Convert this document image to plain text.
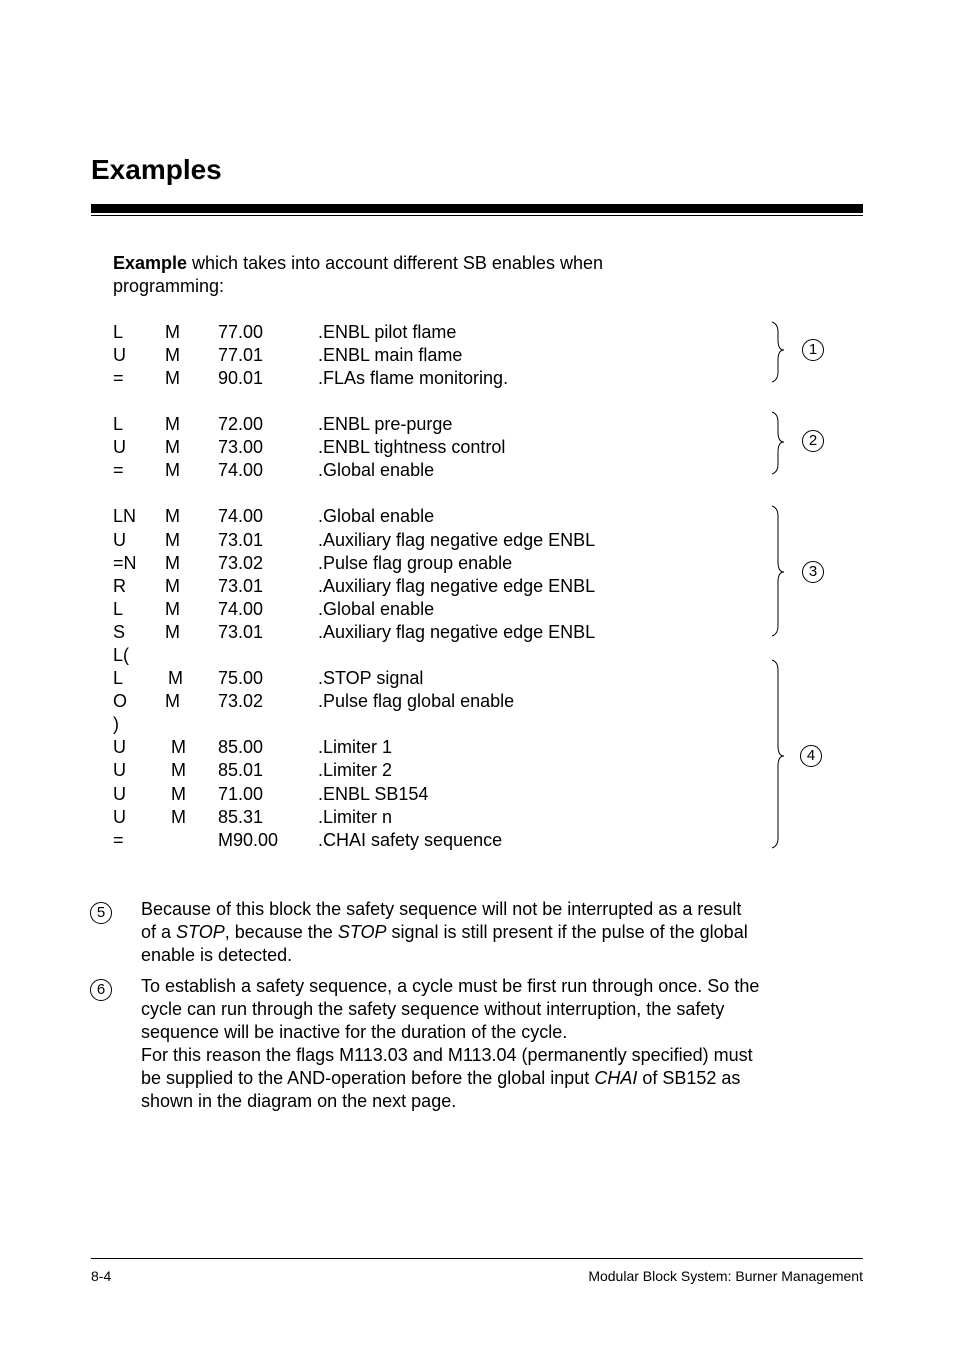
Examples
Example which takes into account different SB enables when programming:
L M 77.00	.ENBL pilot flame
U M 77.01	.ENBL main flame
= M 90.01	.FLAs flame monitoring.
L M 72.00	.ENBL pre-purge
U M 73.00	.ENBL tightness control
= M 74.00	.Global enable
LN M 74.00	.Global enable
U M 73.01	.Auxiliary flag negative edge ENBL
=N M 73.02	.Pulse flag group enable
R M 73.01	.Auxiliary flag negative edge ENBL
L M 74.00	.Global enable
S M 73.01	.Auxiliary flag negative edge ENBL
L(
L M 75.00	.STOP signal
O M 73.02	.Pulse flag global enable
)
U	M 85.00	.Limiter 1
U	M 85.01	.Limiter 2
U	M 71.00	.ENBL SB154
U	M 85.31	.Limiter n
=	M90.00 .CHAI safety sequence
1
2
3
4
5	Because of this block the safety sequence will not be interrupted as a result of a STOP, because the STOP signal is still present if the pulse of the global enable is detected.
6	To establish a safety sequence, a cycle must be first run through once. So the cycle can run through the safety sequence without interruption, the safety sequence will be inactive for the duration of the cycle.
For this reason the flags M113.03 and M113.04 (permanently specified) must be supplied to the AND-operation before the global input CHAI of SB152 as shown in the diagram on the next page.
8-4	Modular Block System: Burner Management
